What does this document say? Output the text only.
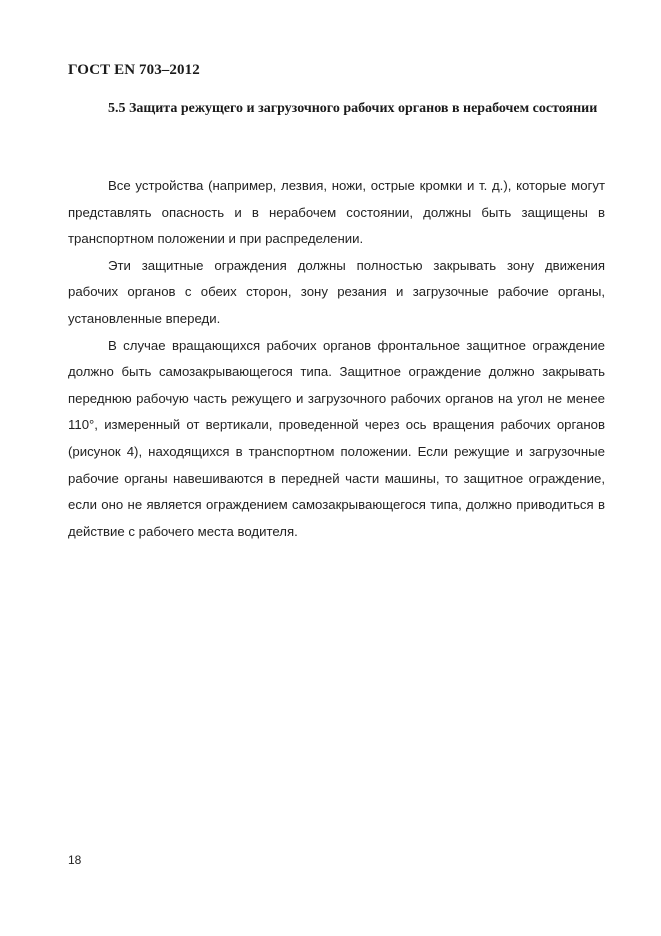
ГОСТ EN 703–2012
5.5 Защита режущего и загрузочного рабочих органов в нерабочем состоянии

Все устройства (например, лезвия, ножи, острые кромки и т. д.), которые могут представлять опасность и в нерабочем состоянии, должны быть защищены в транспортном положении и при распределении.

Эти защитные ограждения должны полностью закрывать зону движения рабочих органов с обеих сторон, зону резания и загрузочные рабочие органы, установленные впереди.

В случае вращающихся рабочих органов фронтальное защитное ограждение должно быть самозакрывающегося типа. Защитное ограждение должно закрывать переднюю рабочую часть режущего и загрузочного рабочих органов на угол не менее 110°, измеренный от вертикали, проведенной через ось вращения рабочих органов (рисунок 4), находящихся в транспортном положении. Если режущие и загрузочные рабочие органы навешиваются в передней части машины, то защитное ограждение, если оно не является ограждением самозакрывающегося типа, должно приводиться в действие с рабочего места водителя.

18
